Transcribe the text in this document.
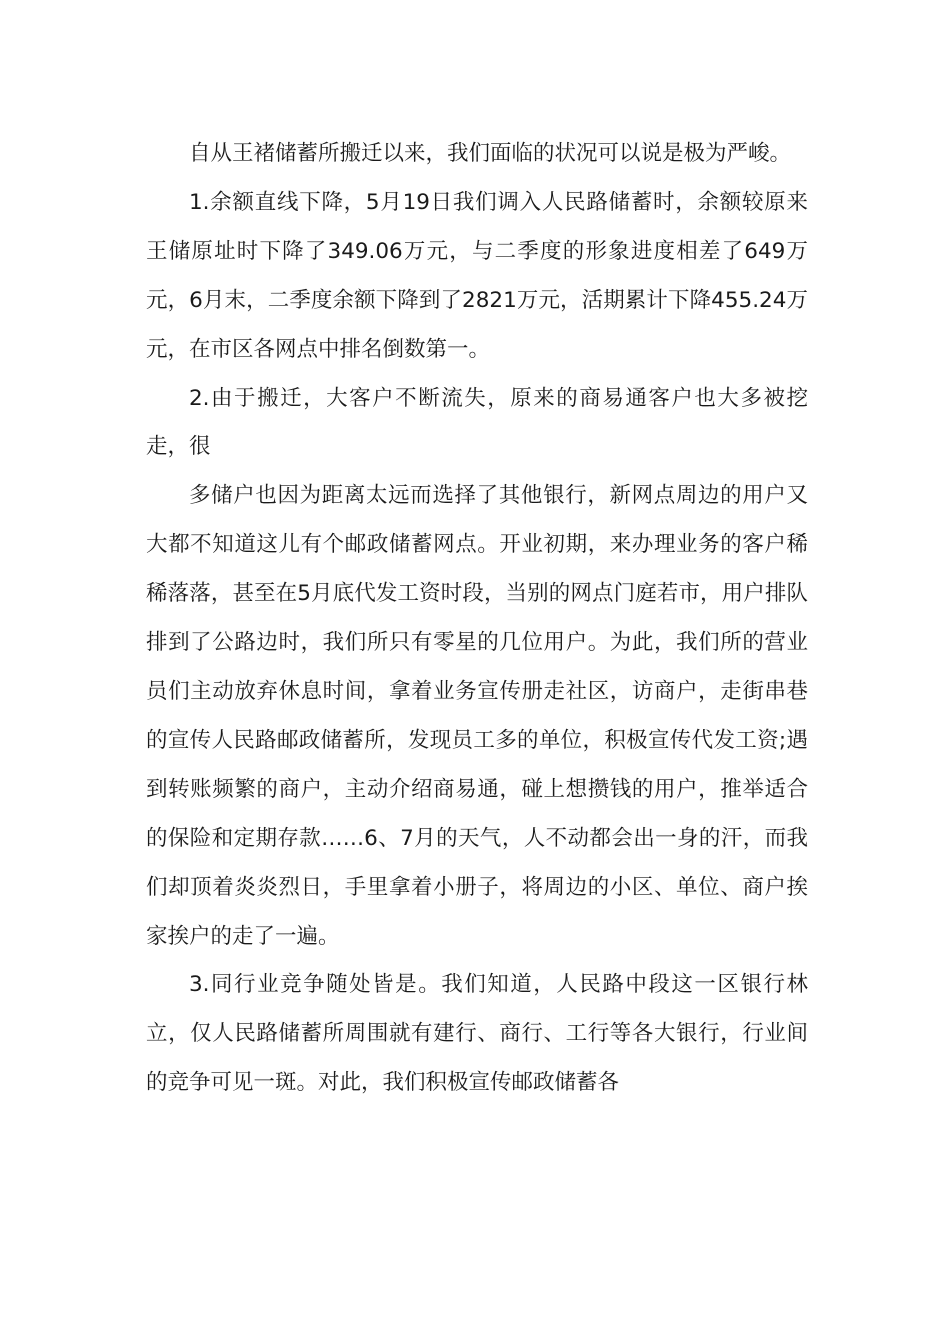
自从王褚储蓄所搬迁以来，我们面临的状况可以说是极为严峻。

1.余额直线下降，5月19日我们调入人民路储蓄时，余额较原来王储原址时下降了349.06万元，与二季度的形象进度相差了649万元，6月末，二季度余额下降到了2821万元，活期累计下降455.24万元，在市区各网点中排名倒数第一。

2.由于搬迁，大客户不断流失，原来的商易通客户也大多被挖走，很

多储户也因为距离太远而选择了其他银行，新网点周边的用户又大都不知道这儿有个邮政储蓄网点。开业初期，来办理业务的客户稀稀落落，甚至在5月底代发工资时段，当别的网点门庭若市，用户排队排到了公路边时，我们所只有零星的几位用户。为此，我们所的营业员们主动放弃休息时间，拿着业务宣传册走社区，访商户，走街串巷的宣传人民路邮政储蓄所，发现员工多的单位，积极宣传代发工资;遇到转账频繁的商户，主动介绍商易通，碰上想攒钱的用户，推举适合的保险和定期存款……6、7月的天气，人不动都会出一身的汗，而我们却顶着炎炎烈日，手里拿着小册子，将周边的小区、单位、商户挨家挨户的走了一遍。

3.同行业竞争随处皆是。我们知道，人民路中段这一区银行林立，仅人民路储蓄所周围就有建行、商行、工行等各大银行，行业间的竞争可见一斑。对此，我们积极宣传邮政储蓄各
